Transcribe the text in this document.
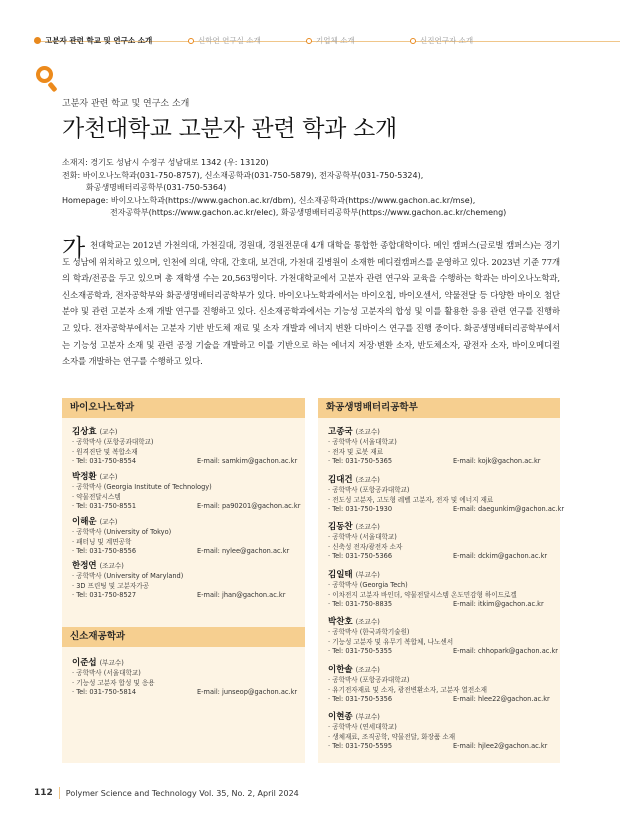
고분자 관련 학교 및 연구소 소개	신학연 연구실 소개	기업체 소개	신진연구자 소개
고분자 관련 학교 및 연구소 소개
가천대학교 고분자 관련 학과 소개
소재지: 경기도 성남시 수정구 성남대로 1342 (우: 13120)
전화: 바이오나노학과(031-750-8757), 신소재공학과(031-750-5879), 전자공학부(031-750-5324),
화공생명배터리공학부(031-750-5364)
Homepage: 바이오나노학과(https://www.gachon.ac.kr/dbm), 신소재공학과(https://www.gachon.ac.kr/mse),
전자공학부(https://www.gachon.ac.kr/elec), 화공생명배터리공학부(https://www.gachon.ac.kr/chemeng)
가 천대학교는 2012년 가천의대, 가천길대, 경원대, 경원전문대 4개 대학을 통합한 종합대학이다. 메인 캠퍼스(글로벌 캠퍼스)는 경기도 성남에 위치하고 있으며, 인천에 의대, 약대, 간호대, 보건대, 가천대 길병원이 소재한 메디컬캠퍼스를 운영하고 있다. 2023년 기준 77개의 학과/전공을 두고 있으며 총 재학생 수는 20,563명이다. 가천대학교에서 고분자 관련 연구와 교육을 수행하는 학과는 바이오나노학과, 신소재공학과, 전자공학부와 화공생명배터리공학부가 있다. 바이오나노학과에서는 바이오칩, 바이오센서, 약물전달 등 다양한 바이오 첨단 분야 및 관련 고분자 소재 개발 연구를 진행하고 있다. 신소재공학과에서는 기능성 고분자의 합성 및 이를 활용한 응용 관련 연구를 진행하고 있다. 전자공학부에서는 고분자 기반 반도체 재료 및 소자 개발과 에너지 변환 디바이스 연구를 진행 중이다. 화공생명배터리공학부에서는 기능성 고분자 소재 및 관련 공정 기술을 개발하고 이를 기반으로 하는 에너지 저장·변환 소자, 반도체소자, 광전자 소자, 바이오메디컬 소자를 개발하는 연구를 수행하고 있다.
바이오나노학과
김상효 (교수)
· 공학박사 (포항공과대학교)
· 원격진단 및 복합소재
· Tel: 031-750-8554	E-mail: samkim@gachon.ac.kr
박정환 (교수)
· 공학박사 (Georgia Institute of Technology)
· 약물전달시스템
· Tel: 031-750-8551	E-mail: pa90201@gachon.ac.kr
이해운 (교수)
· 공학박사 (University of Tokyo)
· 패터닝 및 계면공학
· Tel: 031-750-8556	E-mail: nylee@gachon.ac.kr
한정연 (조교수)
· 공학박사 (University of Maryland)
· 3D 프린팅 및 고분자가공
· Tel: 031-750-8527	E-mail: jhan@gachon.ac.kr
신소재공학과
이준섭 (부교수)
· 공학박사 (서울대학교)
· 기능성 고분자 합성 및 응용
· Tel: 031-750-5814	E-mail: junseop@gachon.ac.kr
화공생명배터리공학부
고종국 (조교수)
· 공학박사 (서울대학교)
· 전자 및 로봇 재료
· Tel: 031-750-5365	E-mail: kojk@gachon.ac.kr
김대건 (조교수)
· 공학박사 (포항공과대학교)
· 전도성 고분자, 고도형 레벨 고분자, 전자 및 에너지 재료
· Tel: 031-750-1930	E-mail: daegunkim@gachon.ac.kr
김동찬 (조교수)
· 공학박사 (서울대학교)
· 신축성 전자/광전자 소자
· Tel: 031-750-5366	E-mail: dckim@gachon.ac.kr
김일태 (부교수)
· 공학박사 (Georgia Tech)
· 이차전지 고분자 바인더, 약물전달시스템 온도민감형 하이드로겔
· Tel: 031-750-8835	E-mail: itkim@gachon.ac.kr
박찬호 (조교수)
· 공학박사 (한국과학기술원)
· 기능성 고분자 및 유무기 복합체, 나노센서
· Tel: 031-750-5355	E-mail: chhopark@gachon.ac.kr
이한솔 (조교수)
· 공학박사 (포항공과대학교)
· 유기전자재료 및 소자, 광전변환소자, 고분자 열전소재
· Tel: 031-750-5356	E-mail: hlee22@gachon.ac.kr
이현종 (부교수)
· 공학박사 (연세대학교)
· 생체재료, 조직공학, 약물전달, 화장품 소재
· Tel: 031-750-5595	E-mail: hjlee2@gachon.ac.kr
112 Polymer Science and Technology Vol. 35, No. 2, April 2024
